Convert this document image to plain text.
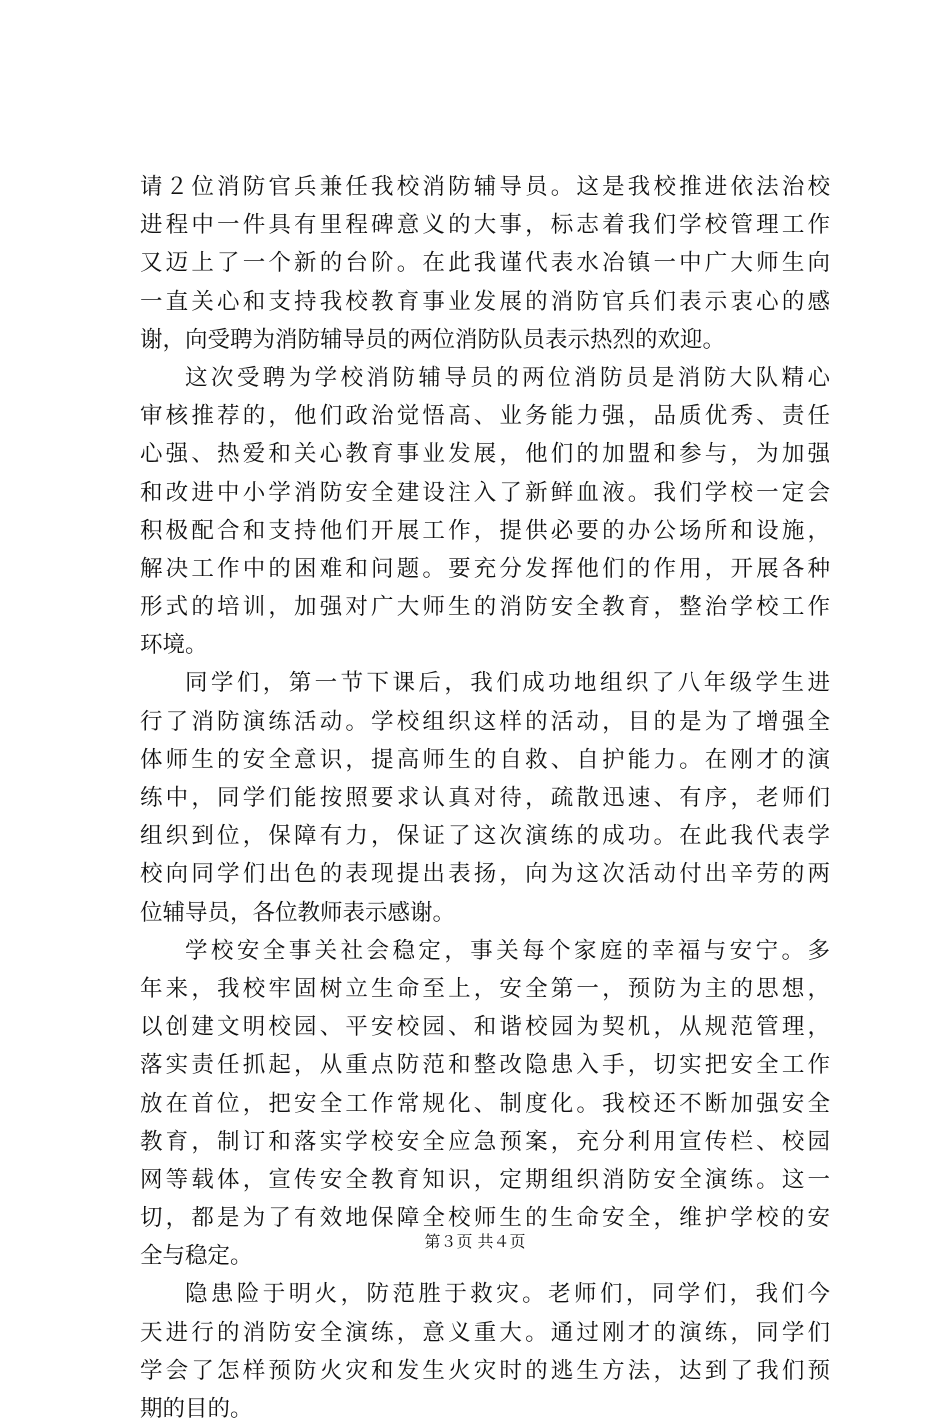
请２位消防官兵兼任我校消防辅导员。这是我校推进依法治校
进程中一件具有里程碑意义的大事，标志着我们学校管理工作
又迈上了一个新的台阶。在此我谨代表水冶镇一中广大师生向
一直关心和支持我校教育事业发展的消防官兵们表示衷心的感
谢，向受聘为消防辅导员的两位消防队员表示热烈的欢迎。
这次受聘为学校消防辅导员的两位消防员是消防大队精心
审核推荐的，他们政治觉悟高、业务能力强，品质优秀、责任
心强、热爱和关心教育事业发展，他们的加盟和参与，为加强
和改进中小学消防安全建设注入了新鲜血液。我们学校一定会
积极配合和支持他们开展工作，提供必要的办公场所和设施，
解决工作中的困难和问题。要充分发挥他们的作用，开展各种
形式的培训，加强对广大师生的消防安全教育，整治学校工作
环境。
同学们，第一节下课后，我们成功地组织了八年级学生进
行了消防演练活动。学校组织这样的活动，目的是为了增强全
体师生的安全意识，提高师生的自救、自护能力。在刚才的演
练中，同学们能按照要求认真对待，疏散迅速、有序，老师们
组织到位，保障有力，保证了这次演练的成功。在此我代表学
校向同学们出色的表现提出表扬，向为这次活动付出辛劳的两
位辅导员，各位教师表示感谢。
学校安全事关社会稳定，事关每个家庭的幸福与安宁。多
年来，我校牢固树立生命至上，安全第一，预防为主的思想，
以创建文明校园、平安校园、和谐校园为契机，从规范管理，
落实责任抓起，从重点防范和整改隐患入手，切实把安全工作
放在首位，把安全工作常规化、制度化。我校还不断加强安全
教育，制订和落实学校安全应急预案，充分利用宣传栏、校园
网等载体，宣传安全教育知识，定期组织消防安全演练。这一
切，都是为了有效地保障全校师生的生命安全，维护学校的安
全与稳定。
隐患险于明火，防范胜于救灾。老师们，同学们，我们今
天进行的消防安全演练，意义重大。通过刚才的演练，同学们
学会了怎样预防火灾和发生火灾时的逃生方法，达到了我们预
期的目的。
第３页 共４页
